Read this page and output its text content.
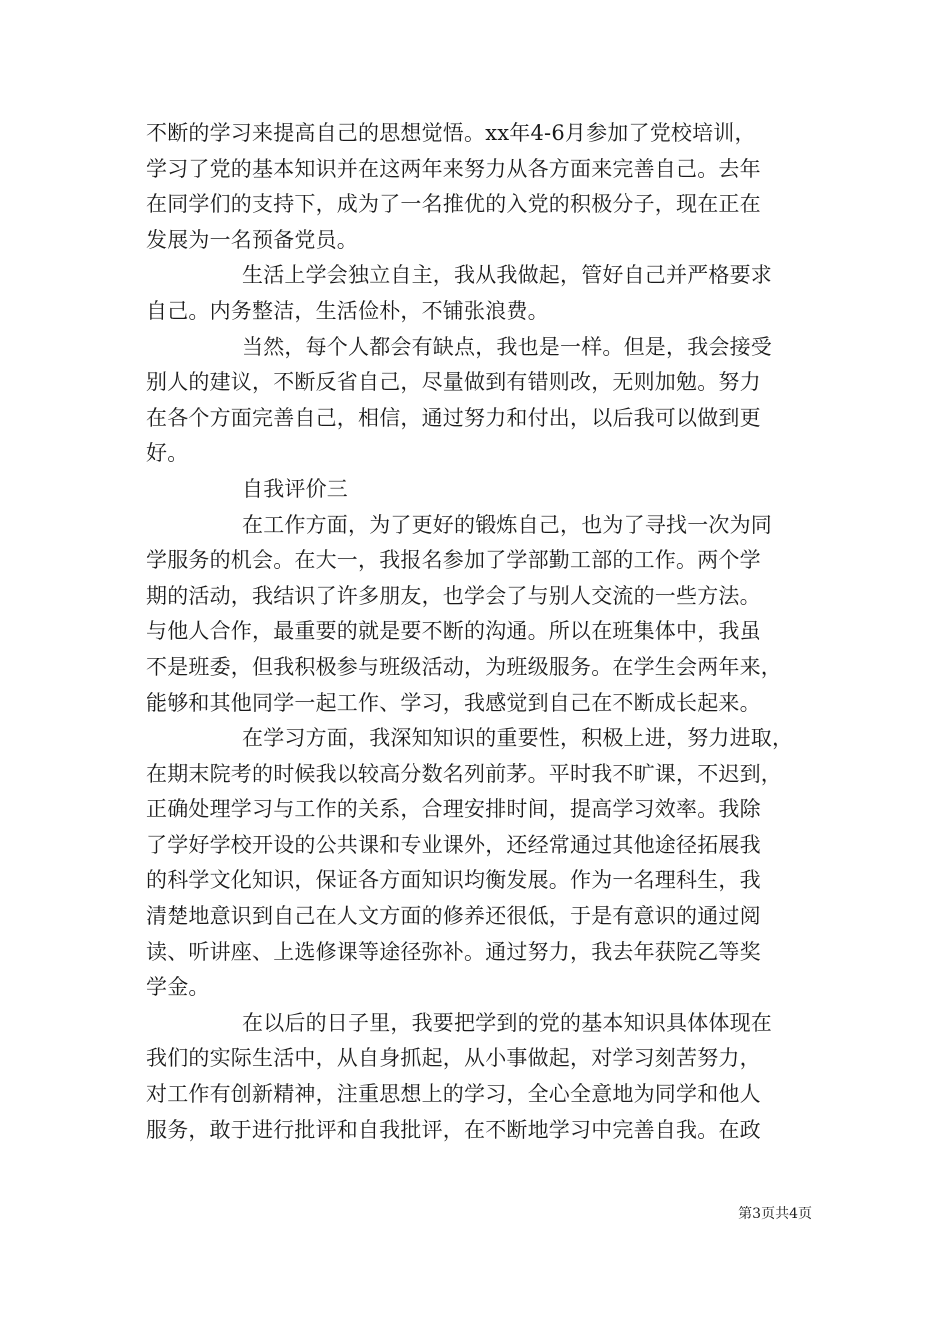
不断的学习来提高自己的思想觉悟。xx年4-6月参加了党校培训，
学习了党的基本知识并在这两年来努力从各方面来完善自己。去年
在同学们的支持下，成为了一名推优的入党的积极分子，现在正在
发展为一名预备党员。
生活上学会独立自主，我从我做起，管好自己并严格要求
自己。内务整洁，生活俭朴，不铺张浪费。
当然，每个人都会有缺点，我也是一样。但是，我会接受
别人的建议，不断反省自己，尽量做到有错则改，无则加勉。努力
在各个方面完善自己，相信，通过努力和付出，以后我可以做到更
好。
自我评价三
在工作方面，为了更好的锻炼自己，也为了寻找一次为同
学服务的机会。在大一，我报名参加了学部勤工部的工作。两个学
期的活动，我结识了许多朋友，也学会了与别人交流的一些方法。
与他人合作，最重要的就是要不断的沟通。所以在班集体中，我虽
不是班委，但我积极参与班级活动，为班级服务。在学生会两年来，
能够和其他同学一起工作、学习，我感觉到自己在不断成长起来。
在学习方面，我深知知识的重要性，积极上进，努力进取，
在期末院考的时候我以较高分数名列前茅。平时我不旷课，不迟到，
正确处理学习与工作的关系，合理安排时间，提高学习效率。我除
了学好学校开设的公共课和专业课外，还经常通过其他途径拓展我
的科学文化知识，保证各方面知识均衡发展。作为一名理科生，我
清楚地意识到自己在人文方面的修养还很低，于是有意识的通过阅
读、听讲座、上选修课等途径弥补。通过努力，我去年获院乙等奖
学金。
在以后的日子里，我要把学到的党的基本知识具体体现在
我们的实际生活中，从自身抓起，从小事做起，对学习刻苦努力，
对工作有创新精神，注重思想上的学习，全心全意地为同学和他人
服务，敢于进行批评和自我批评，在不断地学习中完善自我。在政
第3页共4页
